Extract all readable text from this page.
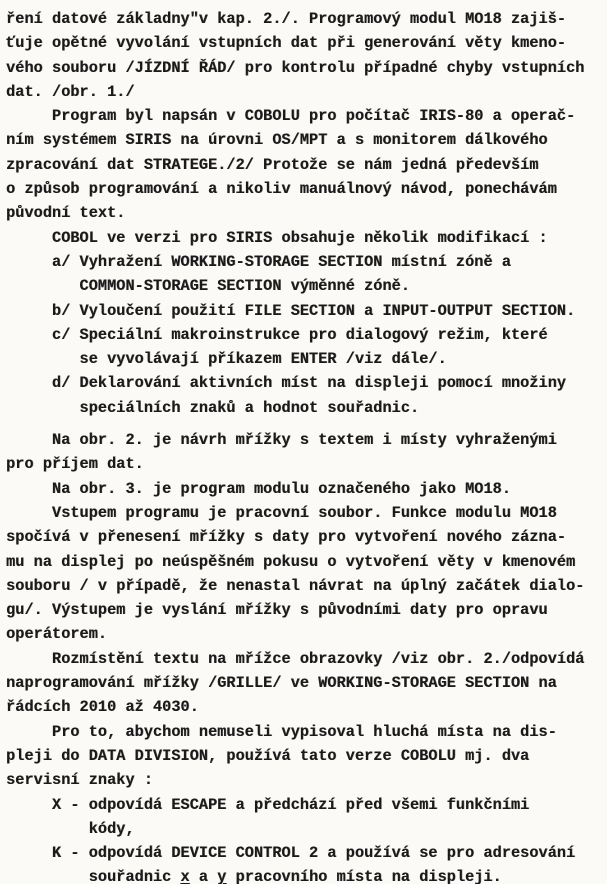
ření datové základny"v kap. 2./. Programový modul MO18 zajiš-
ťuje opětné vyvolání vstupních dat při generování věty kmeno-
vého souboru /JÍZDNÍ ŘÁD/ pro kontrolu případné chyby vstupních
dat. /obr. 1./
Program byl napsán v COBOLU pro počítač IRIS-80 a operač-
ním systémem SIRIS na úrovni OS/MPT a s monitorem dálkového
zpracování dat STRATEGE./2/ Protože se nám jedná především
o způsob programování a nikoliv manuálnový návod, ponechávám
původní text.
COBOL ve verzi pro SIRIS obsahuje několik modifikací :
a/ Vyhražení WORKING-STORAGE SECTION místní zóně a
COMMON-STORAGE SECTION výměnné zóně.
b/ Vyloučení použití FILE SECTION a INPUT-OUTPUT SECTION.
c/ Speciální makroinstrukce pro dialogový režim, které
se vyvolávají příkazem ENTER /viz dále/.
d/ Deklarování aktivních míst na displeji pomocí množiny
speciálních znaků a hodnot souřadnic.
Na obr. 2. je návrh mřížky s textem i místy vyhraženými
pro příjem dat.
Na obr. 3. je program modulu označeného jako MO18.
Vstupem programu je pracovní soubor. Funkce modulu MO18
spočívá v přenesení mřížky s daty pro vytvoření nového zázna-
mu na displej po neúspěšném pokusu o vytvoření věty v kmenovém
souboru / v případě, že nenastal návrat na úplný začátek dialo-
gu/. Výstupem je vyslání mřížky s původními daty pro opravu
operátorem.
Rozmístění textu na mřížce obrazovky /viz obr. 2./odpovídá
naprogramování mřížky /GRILLE/ ve WORKING-STORAGE SECTION na
řádcích 2010 až 4030.
Pro to, abychom nemuseli vypisoval hluchá místa na dis-
pleji do DATA DIVISION, používá tato verze COBOLU mj. dva
servisní znaky :
X - odpovídá ESCAPE a předchází před všemi funkčními
kódy,
K - odpovídá DEVICE CONTROL 2 a používá se pro adresování
souřadnic x a y pracovního místa na displeji.
